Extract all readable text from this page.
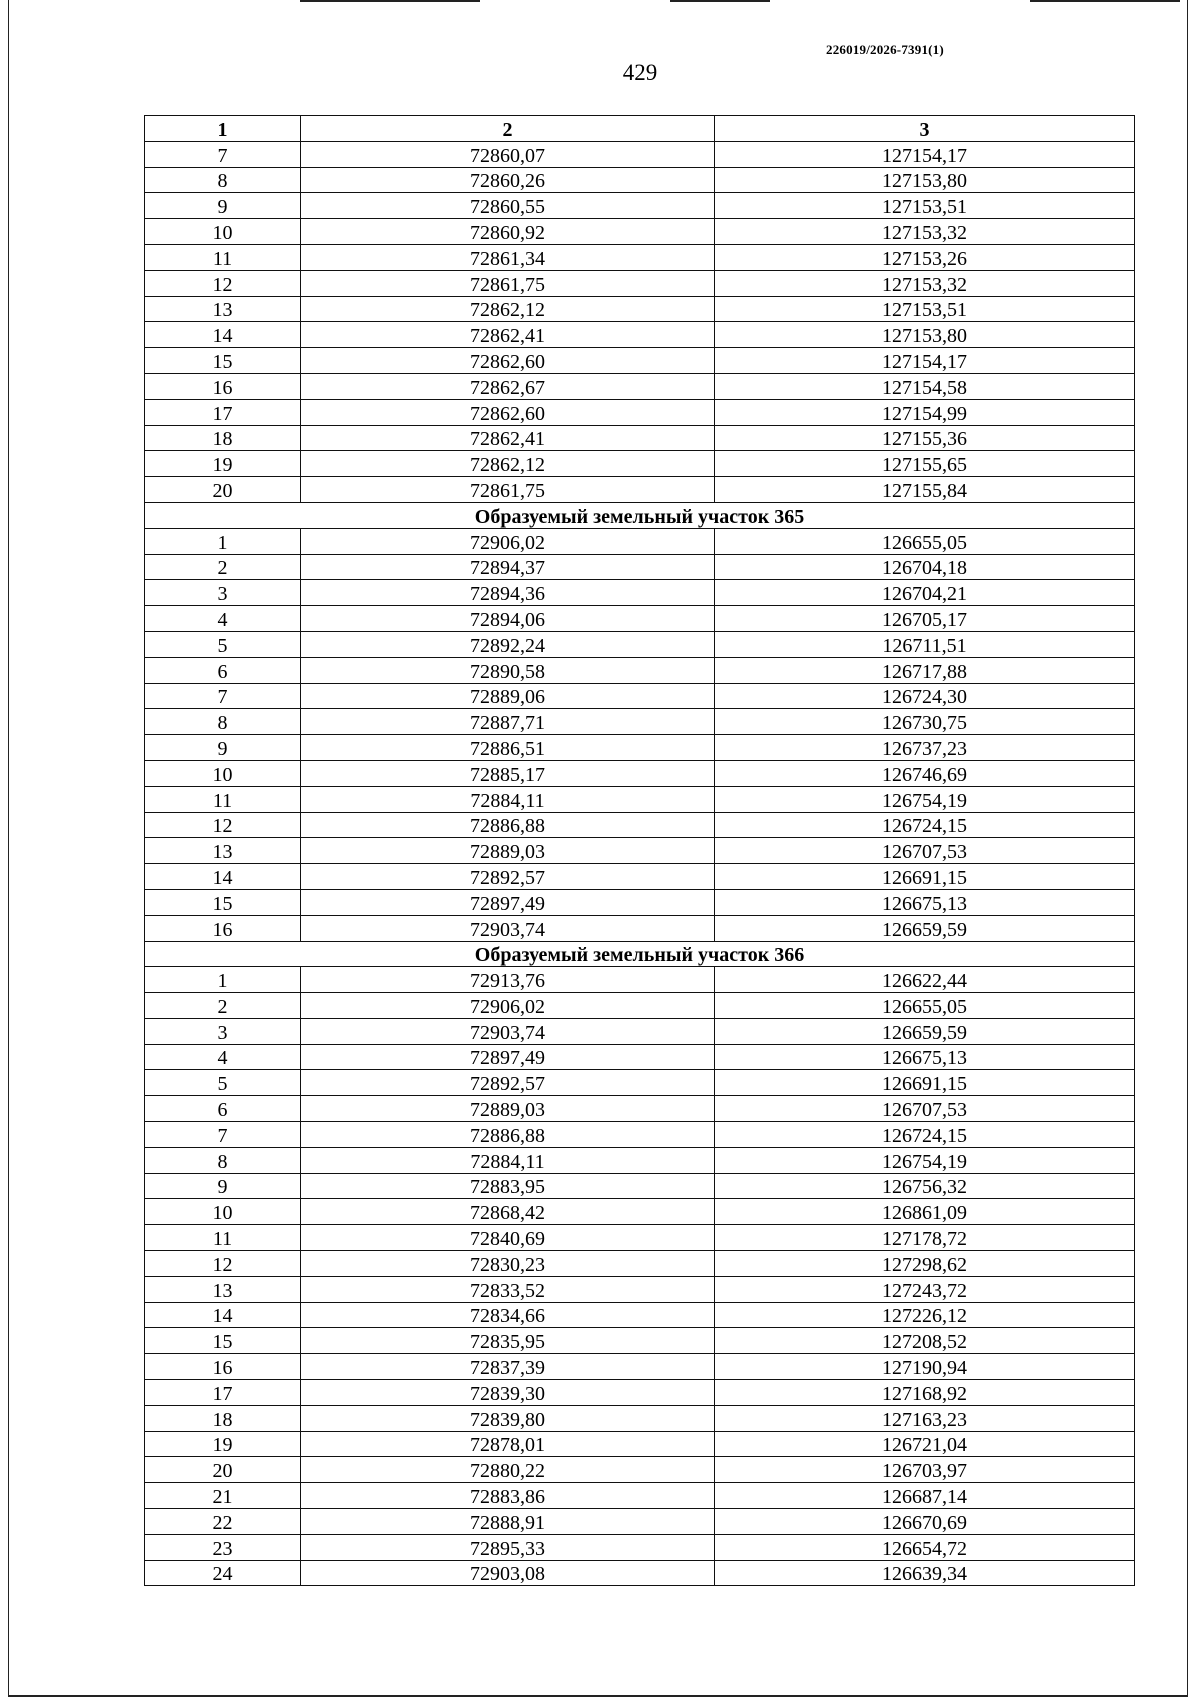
226019/2026-7391(1)
429
1	2	3
7	72860,07	127154,17
8	72860,26	127153,80
9	72860,55	127153,51
10	72860,92	127153,32
11	72861,34	127153,26
12	72861,75	127153,32
13	72862,12	127153,51
14	72862,41	127153,80
15	72862,60	127154,17
16	72862,67	127154,58
17	72862,60	127154,99
18	72862,41	127155,36
19	72862,12	127155,65
20	72861,75	127155,84
Образуемый земельный участок 365		
1	72906,02	126655,05
2	72894,37	126704,18
3	72894,36	126704,21
4	72894,06	126705,17
5	72892,24	126711,51
6	72890,58	126717,88
7	72889,06	126724,30
8	72887,71	126730,75
9	72886,51	126737,23
10	72885,17	126746,69
11	72884,11	126754,19
12	72886,88	126724,15
13	72889,03	126707,53
14	72892,57	126691,15
15	72897,49	126675,13
16	72903,74	126659,59
Образуемый земельный участок 366		
1	72913,76	126622,44
2	72906,02	126655,05
3	72903,74	126659,59
4	72897,49	126675,13
5	72892,57	126691,15
6	72889,03	126707,53
7	72886,88	126724,15
8	72884,11	126754,19
9	72883,95	126756,32
10	72868,42	126861,09
11	72840,69	127178,72
12	72830,23	127298,62
13	72833,52	127243,72
14	72834,66	127226,12
15	72835,95	127208,52
16	72837,39	127190,94
17	72839,30	127168,92
18	72839,80	127163,23
19	72878,01	126721,04
20	72880,22	126703,97
21	72883,86	126687,14
22	72888,91	126670,69
23	72895,33	126654,72
24	72903,08	126639,34
